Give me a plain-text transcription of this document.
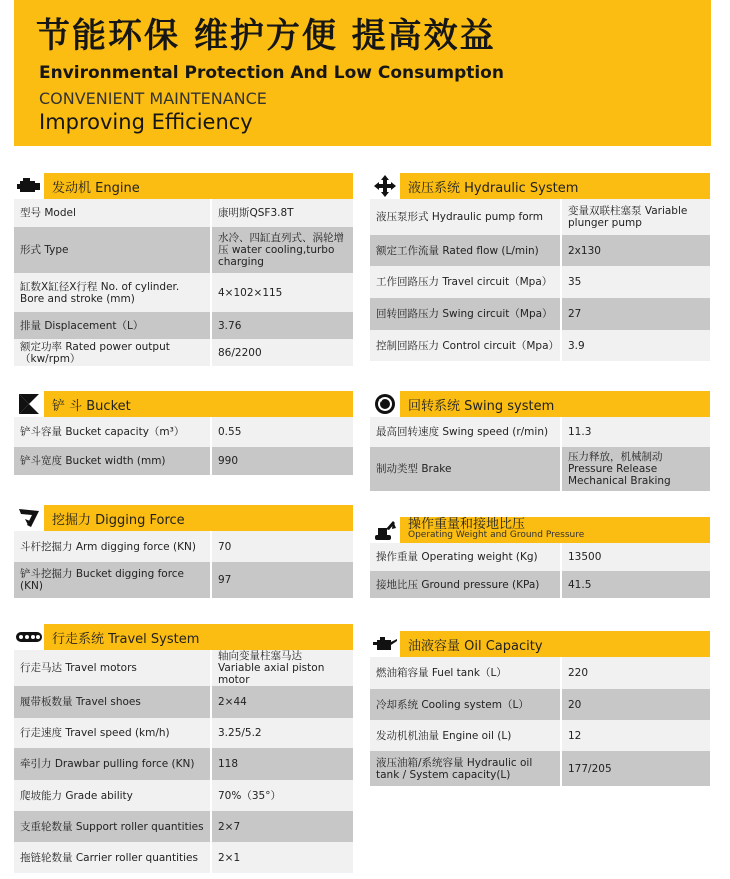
节能环保 维护方便 提高效益
Environmental Protection And Low Consumption
CONVENIENT MAINTENANCE
Improving Efficiency
发动机 Engine
型号 Model	康明斯QSF3.8T
形式 Type	水冷、四缸直列式、涡轮增压 water cooling,turbo charging
缸数X缸径X行程 No. of cylinder. Bore and stroke (mm)	4×102×115
排量 Displacement（L）	3.76
额定功率 Rated power output（kw/rpm）	86/2200
液压系统 Hydraulic System
液压泵形式 Hydraulic pump form	变量双联柱塞泵 Variable plunger pump
额定工作流量 Rated flow (L/min)	2x130
工作回路压力 Travel circuit（Mpa）	35
回转回路压力 Swing circuit（Mpa）	27
控制回路压力 Control circuit（Mpa）	3.9
铲 斗 Bucket
铲斗容量 Bucket capacity（m³）	0.55
铲斗宽度 Bucket width (mm)	990
回转系统 Swing system
最高回转速度 Swing speed (r/min)	11.3
制动类型 Brake	压力释放，机械制动 Pressure Release Mechanical Braking
挖掘力 Digging Force
斗杆挖掘力 Arm digging force (KN)	70
铲斗挖掘力 Bucket digging force (KN)	97
操作重量和接地比压
Operating Weight and Ground Pressure
操作重量 Operating weight (Kg)	13500
接地比压 Ground pressure (KPa)	41.5
行走系统 Travel System
行走马达 Travel motors	轴向变量柱塞马达 Variable axial piston motor
履带板数量 Travel shoes	2×44
行走速度 Travel speed (km/h)	3.25/5.2
牵引力 Drawbar pulling force (KN)	118
爬坡能力 Grade ability	70%（35°）
支重轮数量 Support roller quantities	2×7
拖链轮数量 Carrier roller quantities	2×1
油液容量 Oil Capacity
燃油箱容量 Fuel tank（L）	220
冷却系统 Cooling system（L）	20
发动机机油量 Engine oil (L)	12
液压油箱/系统容量 Hydraulic oil tank / System capacity(L)	177/205
